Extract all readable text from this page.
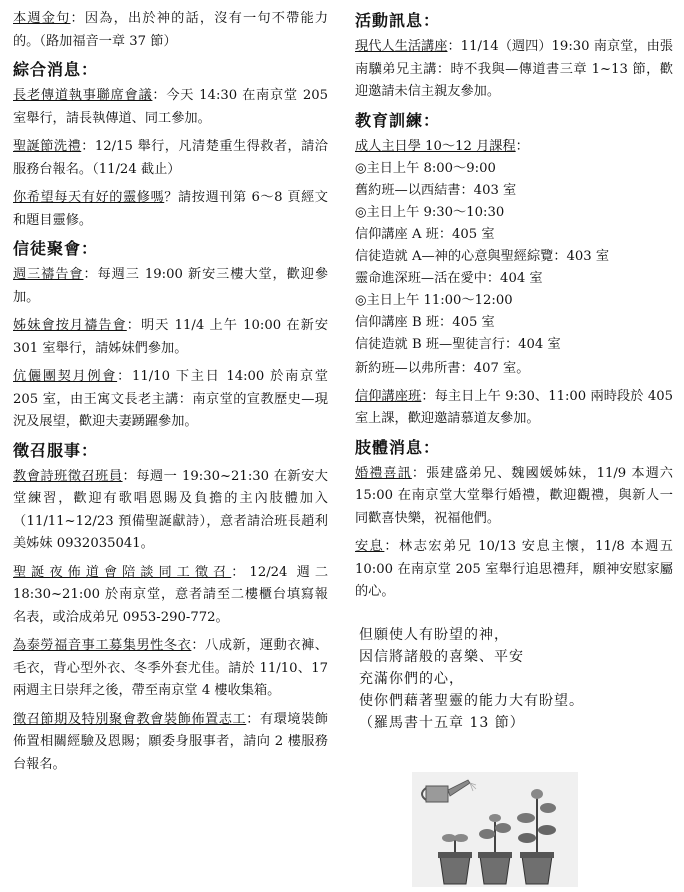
本週金句：因為，出於神的話，沒有一句不帶能力的。（路加福音一章 37 節）

綜合消息：

長老傳道執事聯席會議：今天 14:30 在南京堂 205 室舉行，請長執傳道、同工參加。

聖誕節洗禮：12/15 舉行，凡清楚重生得救者，請洽服務台報名。（11/24 截止）

你希望每天有好的靈修嗎？請按週刊第 6～8 頁經文和題目靈修。

信徒聚會：

週三禱告會：每週三 19:00 新安三樓大堂，歡迎參加。

姊妹會按月禱告會：明天 11/4 上午 10:00 在新安 301 室舉行，請姊妹們參加。

伉儷團契月例會：11/10 下主日 14:00 於南京堂 205 室，由王寓文長老主講：南京堂的宣教歷史—現況及展望，歡迎夫妻踴躍參加。

徵召服事：

教會詩班徵召班員：每週一 19:30~21:30 在新安大堂練習，歡迎有歌唱恩賜及負擔的主內肢體加入（11/11~12/23 預備聖誕獻詩），意者請洽班長趙利美姊妹 0932035041。

聖誕夜佈道會陪談同工徵召：12/24 週二 18:30~21:00 於南京堂，意者請至二樓櫃台填寫報名表，或洽成弟兄 0953-290-772。

為泰勞福音事工募集男性冬衣：八成新，運動衣褲、毛衣，背心型外衣、冬季外套尤佳。請於 11/10、17 兩週主日崇拜之後，帶至南京堂 4 樓收集箱。

徵召節期及特別聚會教會裝飾佈置志工：有環境裝飾佈置相關經驗及恩賜；願委身服事者，請向 2 樓服務台報名。

活動訊息：

現代人生活講座：11/14（週四）19:30 南京堂，由張南驥弟兄主講：時不我與—傳道書三章 1~13 節，歡迎邀請未信主親友參加。

教育訓練：

成人主日學 10～12 月課程：

◎主日上午 8:00～9:00

舊約班—以西結書：403 室

◎主日上午 9:30～10:30

信仰講座 A 班：405 室

信徒造就 A—神的心意與聖經綜覽：403 室

靈命進深班—活在愛中：404 室

◎主日上午 11:00～12:00

信仰講座 B 班：405 室

信徒造就 B 班—聖徒言行：404 室

新約班—以弗所書：407 室。

信仰講座班：每主日上午 9:30、11:00 兩時段於 405 室上課，歡迎邀請慕道友參加。

肢體消息：

婚禮喜訊：張建盛弟兄、魏國媛姊妹，11/9 本週六 15:00 在南京堂大堂舉行婚禮，歡迎觀禮，與新人一同歡喜快樂，祝福他們。

安息：林志宏弟兄 10/13 安息主懷，11/8 本週五 10:00 在南京堂 205 室舉行追思禮拜，願神安慰家屬的心。

但願使人有盼望的神，
因信將諸般的喜樂、平安
充滿你們的心，
使你們藉著聖靈的能力大有盼望。
（羅馬書十五章 13 節）
